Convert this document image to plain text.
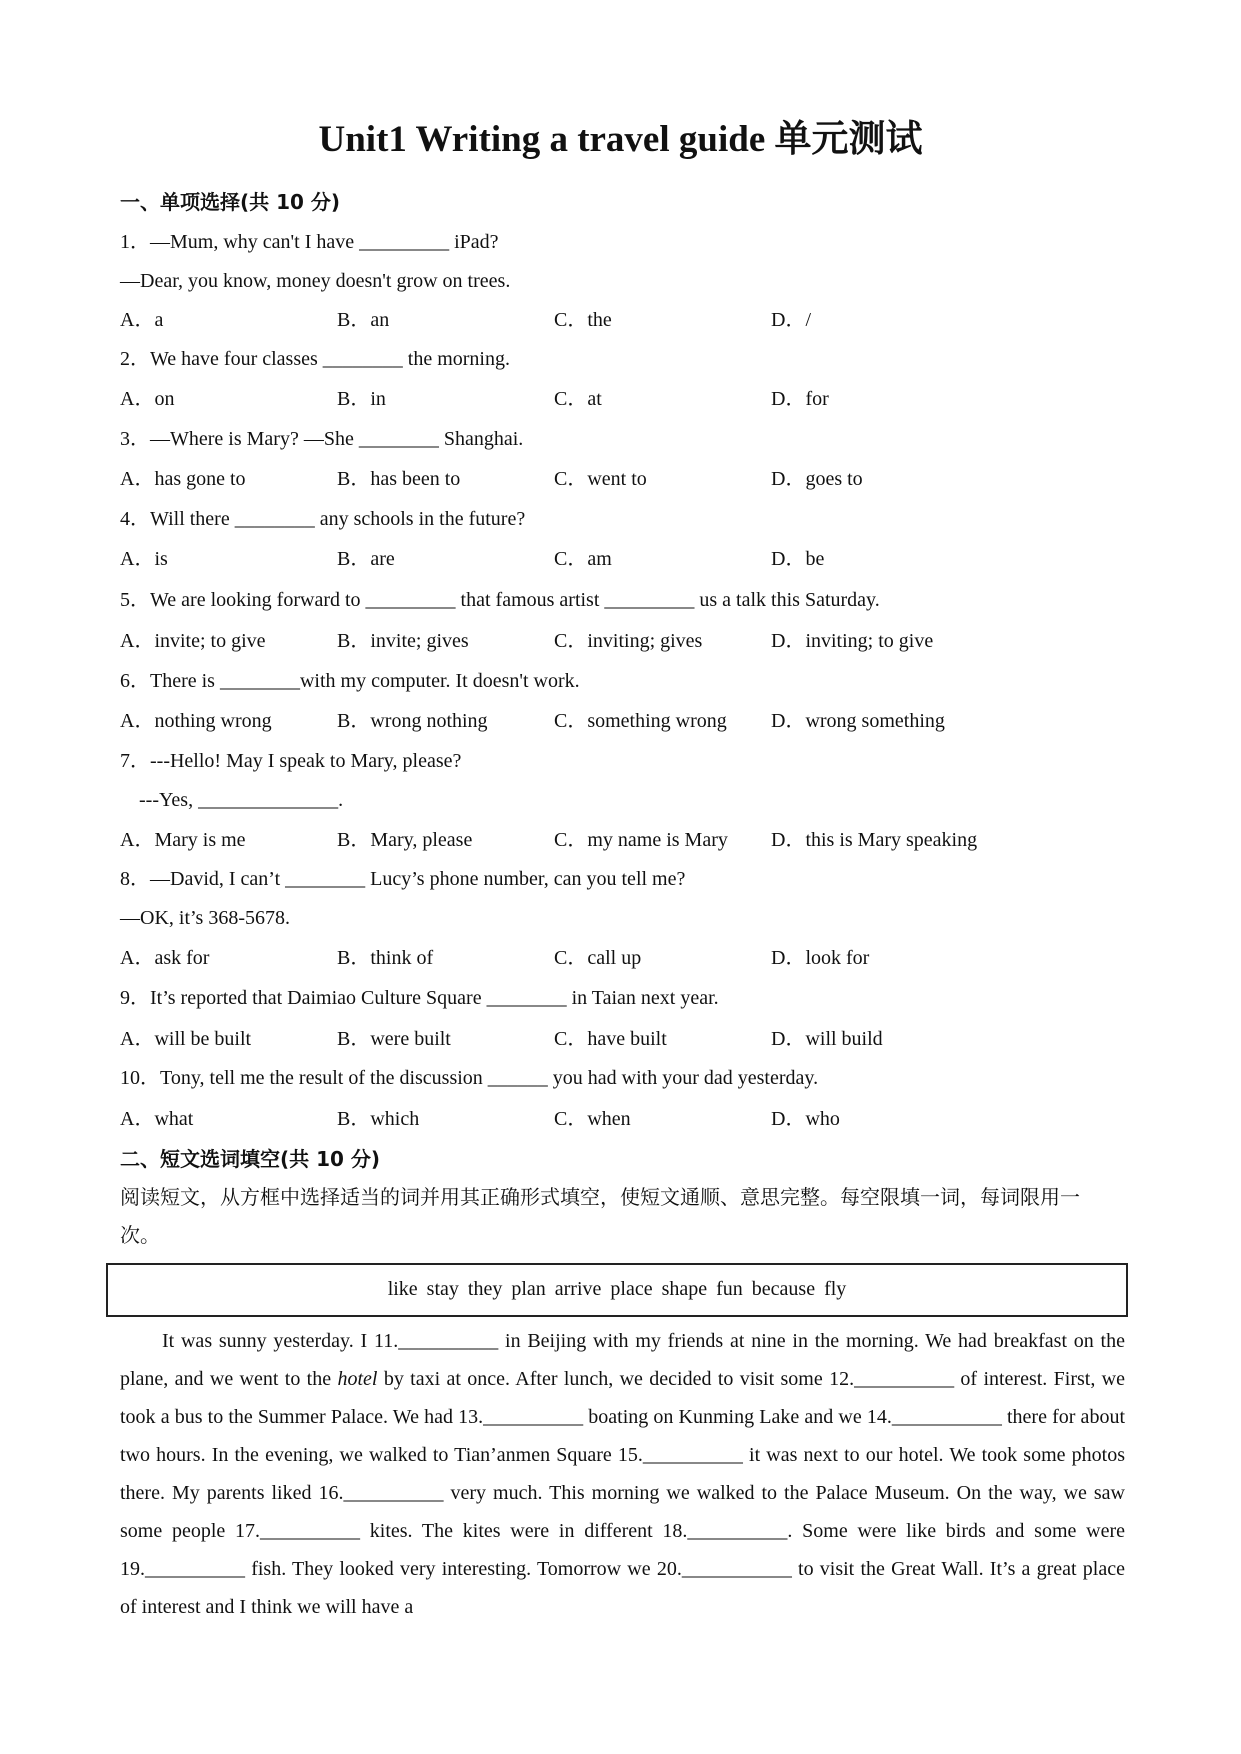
Unit1 Writing a travel guide 单元测试
一、单项选择(共 10 分)
1．—Mum, why can't I have _________ iPad?
—Dear, you know, money doesn't grow on trees.
A．a	B．an	C．the	D．/
2．We have four classes ________ the morning.
A．on	B．in	C．at	D．for
3．—Where is Mary? —She ________ Shanghai.
A．has gone to	B．has been to	C．went to	D．goes to
4．Will there ________ any schools in the future?
A．is	B．are	C．am	D．be
5．We are looking forward to _________ that famous artist _________ us a talk this Saturday.
A．invite; to give	B．invite; gives	C．inviting; gives	D．inviting; to give
6．There is ________with my computer. It doesn't work.
A．nothing wrong	B．wrong nothing	C．something wrong D．wrong something
7．---Hello! May I speak to Mary, please?
---Yes, ______________.
A．Mary is me	B．Mary, please	C．my name is Mary D．this is Mary speaking
8．—David, I can’t ________ Lucy’s phone number, can you tell me?
—OK, it’s 368-5678.
A．ask for	B．think of	C．call up	D．look for
9．It’s reported that Daimiao Culture Square ________ in Taian next year.
A．will be built	B．were built	C．have built	D．will build
10．Tony, tell me the result of the discussion ______ you had with your dad yesterday.
A．what	B．which	C．when	D．who
二、短文选词填空(共 10 分)
阅读短文，从方框中选择适当的词并用其正确形式填空，使短文通顺、意思完整。每空限填一词，每词限用一次。
like stay they plan arrive place shape fun because fly
It was sunny yesterday. I 11.__________ in Beijing with my friends at nine in the morning. We had breakfast on the plane, and we went to the hotel by taxi at once. After lunch, we decided to visit some 12.__________ of interest. First, we took a bus to the Summer Palace. We had 13.__________ boating on Kunming Lake and we 14.___________ there for about two hours. In the evening, we walked to Tian’anmen Square 15.__________ it was next to our hotel. We took some photos there. My parents liked 16.__________ very much. This morning we walked to the Palace Museum. On the way, we saw some people 17.__________ kites. The kites were in different 18.__________. Some were like birds and some were 19.__________ fish. They looked very interesting. Tomorrow we 20.___________ to visit the Great Wall. It’s a great place of interest and I think we will have a
